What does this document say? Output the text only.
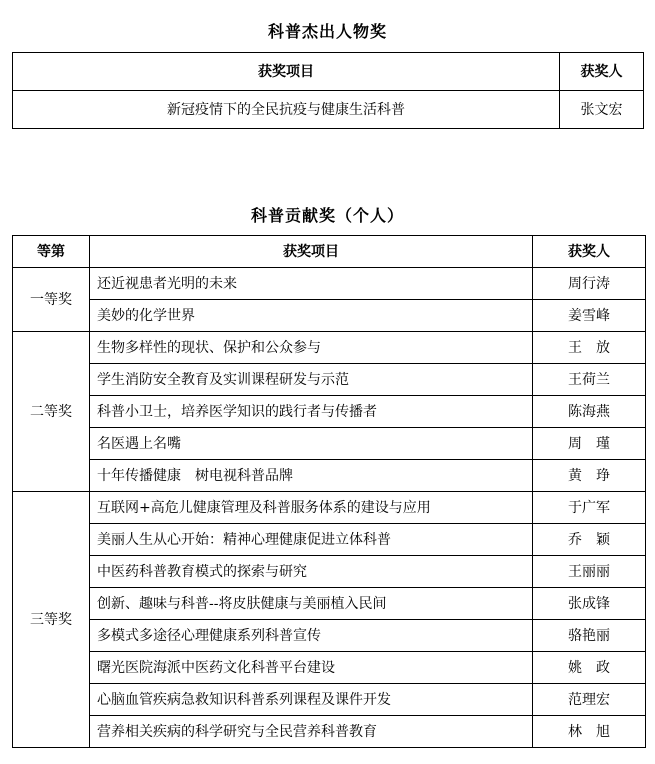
科普杰出人物奖
获奖项目	获奖人
新冠疫情下的全民抗疫与健康生活科普	张文宏
科普贡献奖（个人）
等第	获奖项目	获奖人
一等奖	还近视患者光明的未来	周行涛
	美妙的化学世界	姜雪峰
二等奖	生物多样性的现状、保护和公众参与	王　放
	学生消防安全教育及实训课程研发与示范	王荷兰
	科普小卫士，培养医学知识的践行者与传播者	陈海燕
	名医遇上名嘴	周　瑾
	十年传播健康　树电视科普品牌	黄　琤
三等奖	互联网+高危儿健康管理及科普服务体系的建设与应用	于广军
	美丽人生从心开始：精神心理健康促进立体科普	乔　颖
	中医药科普教育模式的探索与研究	王丽丽
	创新、趣味与科普--将皮肤健康与美丽植入民间	张成锋
	多模式多途径心理健康系列科普宣传	骆艳丽
	曙光医院海派中医药文化科普平台建设	姚　政
	心脑血管疾病急救知识科普系列课程及课件开发	范理宏
	营养相关疾病的科学研究与全民营养科普教育	林　旭
